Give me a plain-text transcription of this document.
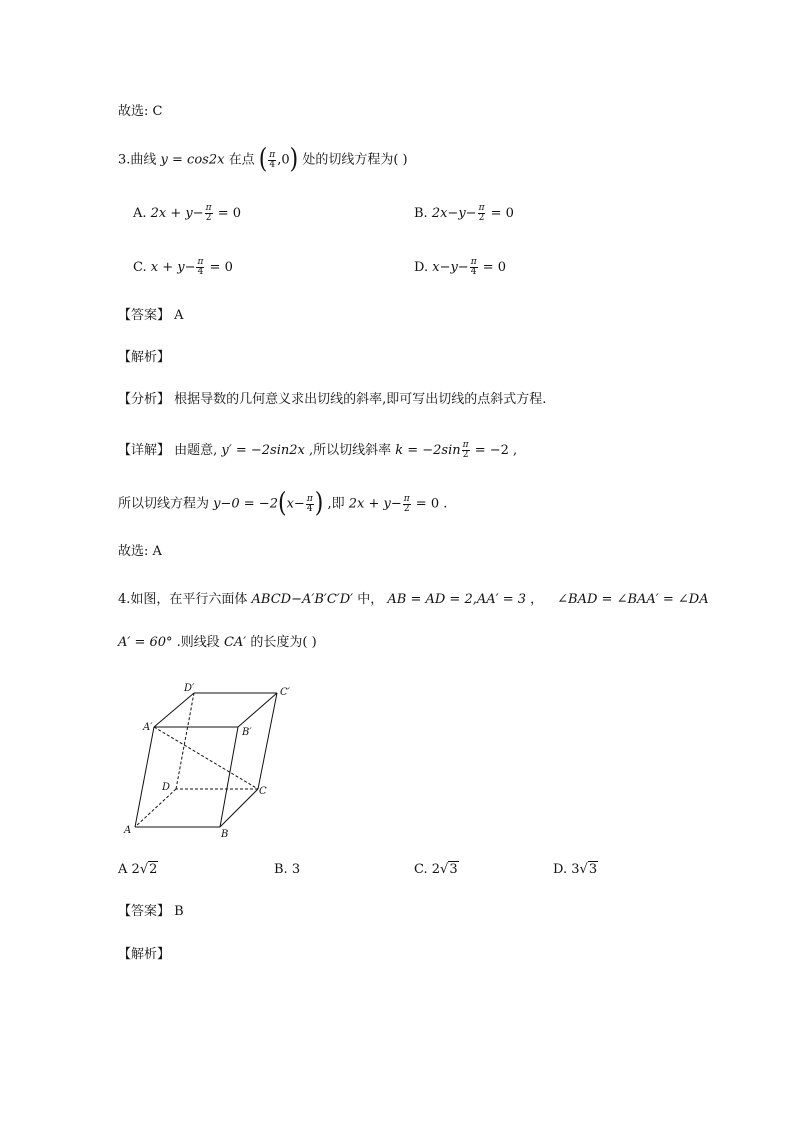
故选: C
3.曲线 y = cos2x 在点 ( $\frac{\pi}{4} ,0$) 处的切线方程为( )
A. $2x + y- \frac{\pi}{2} = 0$	B. $2x-y- \frac{\pi}{2} = 0$
C. $x + y- \frac{\pi}{4} = 0$	D. $x-y- \frac{\pi}{4} = 0$
【答案】 A
【解析】
【分析】 根据导数的几何意义求出切线的斜率,即可写出切线的点斜式方程.
【详解】 由题意, y′ = −2sin2x ,所以切线斜率 $k = -2\sin \frac{\pi}{2} = -2$ ,
所以切线方程为 $y-0 = -2(x- \frac{\pi}{4}$ ) ,即 $2x + y- \frac{\pi}{2} = 0$ .
故选: A
4.如图，在平行六面体 ABCD−A′B′C′D′ 中， AB = AD = 2,AA′ = 3 ， ∠BAD = ∠BAA′ = ∠DA
A′ = 60° .则线段 CA′ 的长度为( )
A	B
C
D
A′	B′
C′
D′
A 2√2	B. 3	C. 2√3	D. 3√3
【答案】 B
【解析】
